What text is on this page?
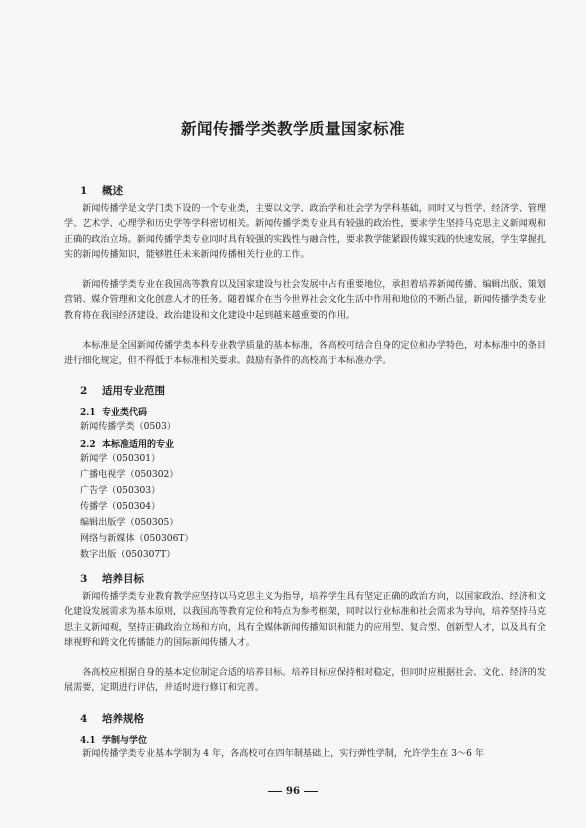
新闻传播学类教学质量国家标准
1 概述
新闻传播学是文学门类下设的一个专业类，主要以文学、政治学和社会学为学科基础，同时又与哲学、经济学、管理学、艺术学、心理学和历史学等学科密切相关。新闻传播学类专业具有较强的政治性，要求学生坚持马克思主义新闻观和正确的政治立场。新闻传播学类专业同时具有较强的实践性与融合性，要求教学能紧跟传媒实践的快速发展，学生掌握扎实的新闻传播知识，能够胜任未来新闻传播相关行业的工作。
新闻传播学类专业在我国高等教育以及国家建设与社会发展中占有重要地位，承担着培养新闻传播、编辑出版、策划营销、媒介管理和文化创意人才的任务。随着媒介在当今世界社会文化生活中作用和地位的不断凸显，新闻传播学类专业教育将在我国经济建设、政治建设和文化建设中起到越来越重要的作用。
本标准是全国新闻传播学类本科专业教学质量的基本标准，各高校可结合自身的定位和办学特色，对本标准中的条目进行细化规定，但不得低于本标准相关要求。鼓励有条件的高校高于本标准办学。
2 适用专业范围
2.1 专业类代码
新闻传播学类（0503）
2.2 本标准适用的专业
新闻学（050301）
广播电视学（050302）
广告学（050303）
传播学（050304）
编辑出版学（050305）
网络与新媒体（050306T）
数字出版（050307T）
3 培养目标
新闻传播学类专业教育教学应坚持以马克思主义为指导，培养学生具有坚定正确的政治方向，以国家政治、经济和文化建设发展需求为基本原则，以我国高等教育定位和特点为参考框架，同时以行业标准和社会需求为导向，培养坚持马克思主义新闻观，坚持正确政治立场和方向，具有全媒体新闻传播知识和能力的应用型、复合型、创新型人才，以及具有全球视野和跨文化传播能力的国际新闻传播人才。
各高校应根据自身的基本定位制定合适的培养目标。培养目标应保持相对稳定，但同时应根据社会、文化、经济的发展需要，定期进行评估，并适时进行修订和完善。
4 培养规格
4.1 学制与学位
新闻传播学类专业基本学制为 4 年，各高校可在四年制基础上，实行弹性学制，允许学生在 3～6 年
96
